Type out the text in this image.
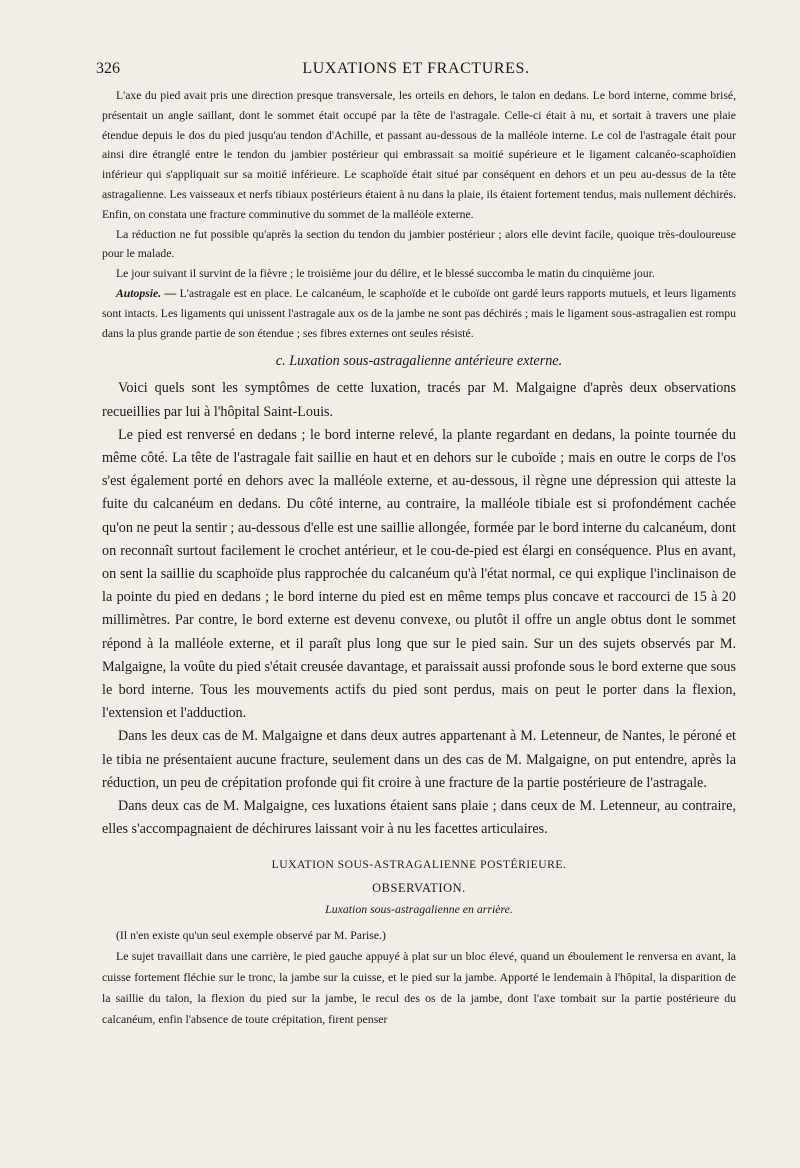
326	LUXATIONS ET FRACTURES.

L'axe du pied avait pris une direction presque transversale, les orteils en dehors, le talon en dedans. Le bord interne, comme brisé, présentait un angle saillant, dont le sommet était occupé par la tête de l'astragale. Celle-ci était à nu, et sortait à travers une plaie étendue depuis le dos du pied jusqu'au tendon d'Achille, et passant au-dessous de la malléole interne. Le col de l'astragale était pour ainsi dire étranglé entre le tendon du jambier postérieur qui embrassait sa moitié supérieure et le ligament calcanéo-scaphoïdien inférieur qui s'appliquait sur sa moitié inférieure. Le scaphoïde était situé par conséquent en dehors et un peu au-dessus de la tête astragalienne. Les vaisseaux et nerfs tibiaux postérieurs étaient à nu dans la plaie, ils étaient fortement tendus, mais nullement déchirés. Enfin, on constata une fracture comminutive du sommet de la malléole externe.

La réduction ne fut possible qu'après la section du tendon du jambier postérieur ; alors elle devint facile, quoique très-douloureuse pour le malade.

Le jour suivant il survint de la fièvre ; le troisième jour du délire, et le blessé succomba le matin du cinquième jour.

Autopsie. — L'astragale est en place. Le calcanéum, le scaphoïde et le cuboïde ont gardé leurs rapports mutuels, et leurs ligaments sont intacts. Les ligaments qui unissent l'astragale aux os de la jambe ne sont pas déchirés ; mais le ligament sous-astragalien est rompu dans la plus grande partie de son étendue ; ses fibres externes ont seules résisté.

c. Luxation sous-astragalienne antérieure externe.

Voici quels sont les symptômes de cette luxation, tracés par M. Malgaigne d'après deux observations recueillies par lui à l'hôpital Saint-Louis.

Le pied est renversé en dedans ; le bord interne relevé, la plante regardant en dedans, la pointe tournée du même côté. La tête de l'astragale fait saillie en haut et en dehors sur le cuboïde ; mais en outre le corps de l'os s'est également porté en dehors avec la malléole externe, et au-dessous, il règne une dépression qui atteste la fuite du calcanéum en dedans. Du côté interne, au contraire, la malléole tibiale est si profondément cachée qu'on ne peut la sentir ; au-dessous d'elle est une saillie allongée, formée par le bord interne du calcanéum, dont on reconnaît surtout facilement le crochet antérieur, et le cou-de-pied est élargi en conséquence. Plus en avant, on sent la saillie du scaphoïde plus rapprochée du calcanéum qu'à l'état normal, ce qui explique l'inclinaison de la pointe du pied en dedans ; le bord interne du pied est en même temps plus concave et raccourci de 15 à 20 millimètres. Par contre, le bord externe est devenu convexe, ou plutôt il offre un angle obtus dont le sommet répond à la malléole externe, et il paraît plus long que sur le pied sain. Sur un des sujets observés par M. Malgaigne, la voûte du pied s'était creusée davantage, et paraissait aussi profonde sous le bord externe que sous le bord interne. Tous les mouvements actifs du pied sont perdus, mais on peut le porter dans la flexion, l'extension et l'adduction.

Dans les deux cas de M. Malgaigne et dans deux autres appartenant à M. Letenneur, de Nantes, le péroné et le tibia ne présentaient aucune fracture, seulement dans un des cas de M. Malgaigne, on put entendre, après la réduction, un peu de crépitation profonde qui fit croire à une fracture de la partie postérieure de l'astragale.

Dans deux cas de M. Malgaigne, ces luxations étaient sans plaie ; dans ceux de M. Letenneur, au contraire, elles s'accompagnaient de déchirures laissant voir à nu les facettes articulaires.

LUXATION SOUS-ASTRAGALIENNE POSTÉRIEURE.
OBSERVATION.
Luxation sous-astragalienne en arrière.

(Il n'en existe qu'un seul exemple observé par M. Parise.)

Le sujet travaillait dans une carrière, le pied gauche appuyé à plat sur un bloc élevé, quand un éboulement le renversa en avant, la cuisse fortement fléchie sur le tronc, la jambe sur la cuisse, et le pied sur la jambe. Apporté le lendemain à l'hôpital, la disparition de la saillie du talon, la flexion du pied sur la jambe, le recul des os de la jambe, dont l'axe tombait sur la partie postérieure du calcanéum, enfin l'absence de toute crépitation, firent penser
